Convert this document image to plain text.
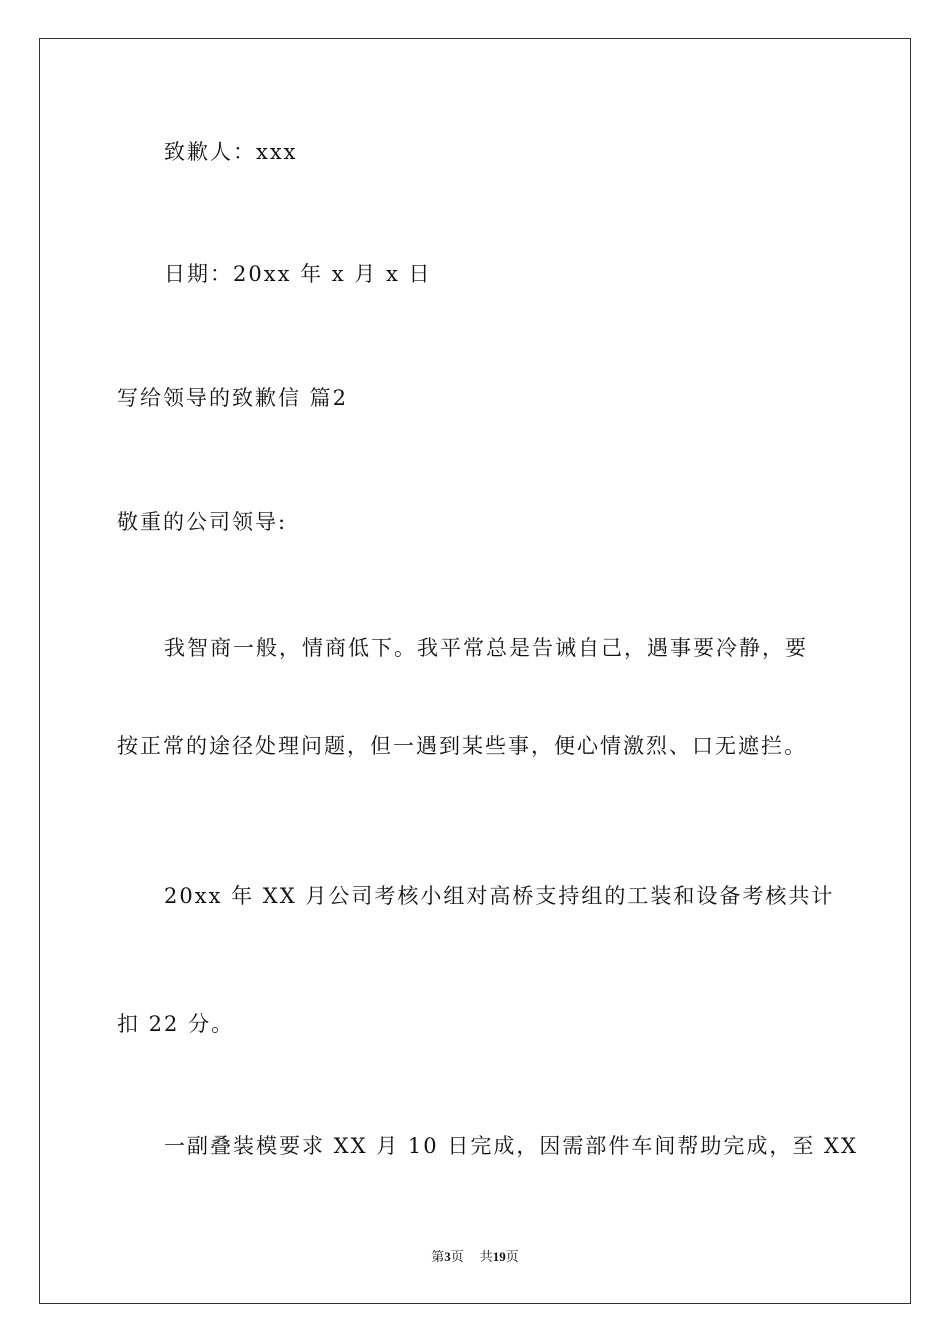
致歉人：xxx
日期：20xx 年 x 月 x 日
写给领导的致歉信 篇2
敬重的公司领导:
我智商一般，情商低下。我平常总是告诫自己，遇事要冷静，要
按正常的途径处理问题，但一遇到某些事，便心情激烈、口无遮拦。
20xx 年 XX 月公司考核小组对高桥支持组的工装和设备考核共计
扣 22 分。
一副叠装模要求 XX 月 10 日完成，因需部件车间帮助完成，至 XX
第3页 共19页
